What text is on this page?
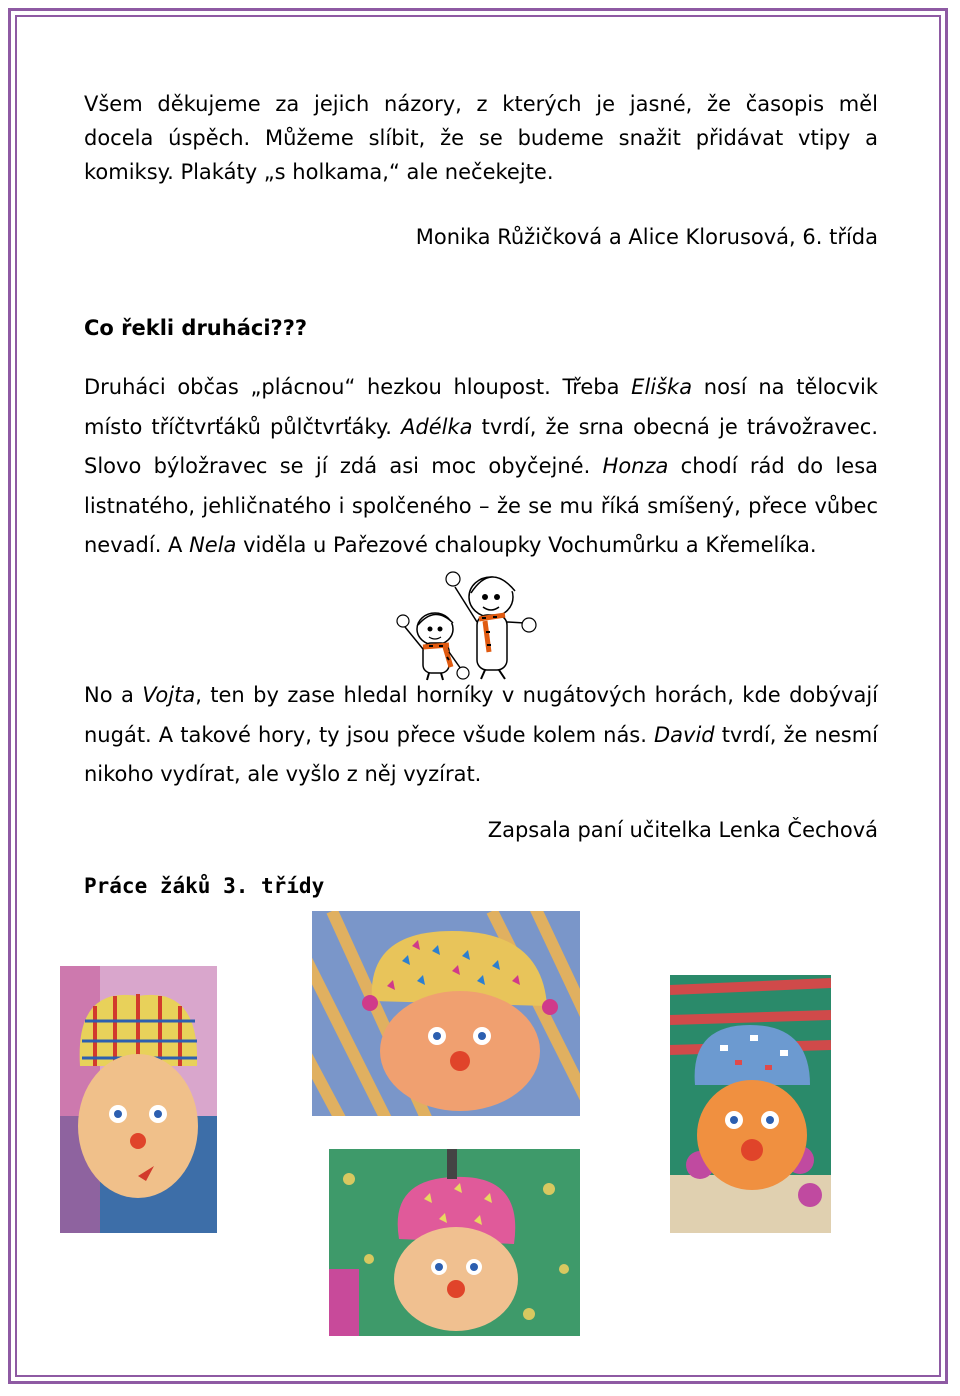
Všem děkujeme za jejich názory, z kterých je jasné, že časopis měl
docela úspěch. Můžeme slíbit, že se budeme snažit přidávat vtipy a
komiksy. Plakáty „s holkama,“ ale nečekejte.
Monika Růžičková a Alice Klorusová, 6. třída
Co řekli druháci???

Druháci občas „plácnou“ hezkou hloupost. Třeba Eliška nosí na tělocvik místo tříčtvrťáků půlčtvrťáky. Adélka tvrdí, že srna obecná je trávožravec. Slovo býložravec se jí zdá asi moc obyčejné. Honza chodí rád do lesa listnatého, jehličnatého i spolčeného – že se mu říká smíšený, přece vůbec nevadí. A Nela viděla u Pařezové chaloupky Vochumůrku a Křemelíka.

No a Vojta, ten by zase hledal horníky v nugátových horách, kde dobývají nugát. A takové hory, ty jsou přece všude kolem nás. David tvrdí, že nesmí nikoho vydírat, ale vyšlo z něj vyzírat.

Zapsala paní učitelka Lenka Čechová
Práce žáků 3. třídy
